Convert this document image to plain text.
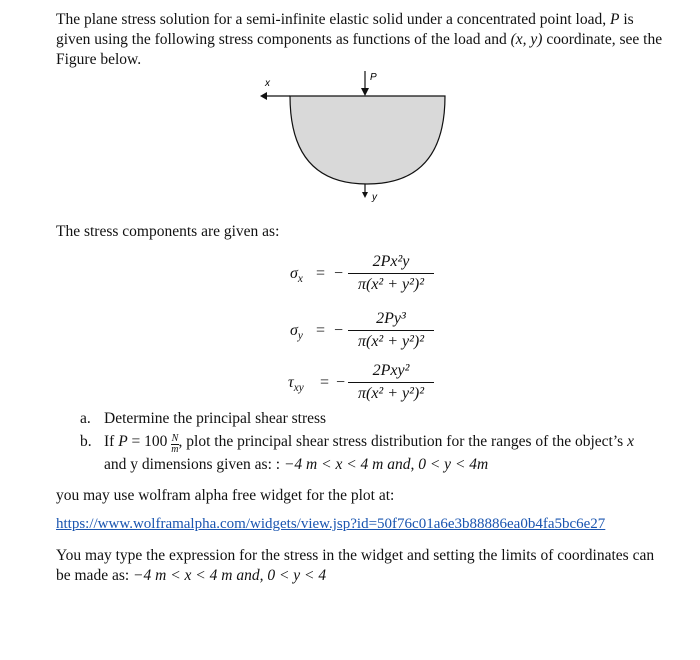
The plane stress solution for a semi-infinite elastic solid under a concentrated point load, P is given using the following stress components as functions of the load and (x, y) coordinate, see the Figure below.
x
P
y
The stress components are given as:
$\sigma_x$ = −
2Px²y
π(x² + y²)²
$\sigma_y$ = −
2Py³
π(x² + y²)²
$\tau_{xy}$ = −
2Pxy²
π(x² + y²)²
a. Determine the principal shear stress
b. If $P = 100 \frac{N}{m}$ , plot the principal shear stress distribution for the ranges of the object’s x
and y dimensions given as: : −4 m < x < 4 m and, 0 < y < 4m
you may use wolfram alpha free widget for the plot at:
https://www.wolframalpha.com/widgets/view.jsp?id=50f76c01a6e3b88886ea0b4fa5bc6e27
You may type the expression for the stress in the widget and setting the limits of coordinates can be made as: −4 m < x < 4 m and, 0 < y < 4
